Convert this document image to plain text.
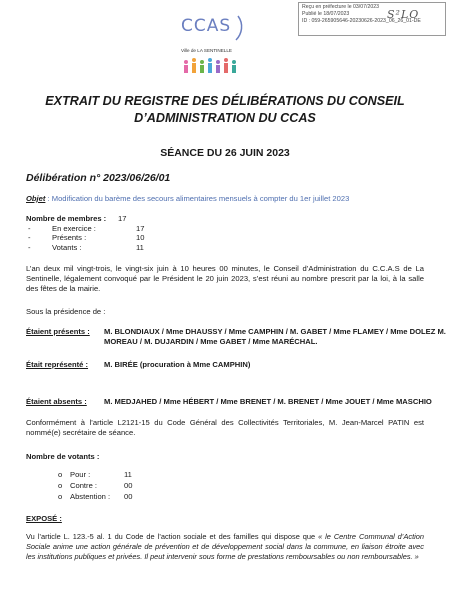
Reçu en préfecture le 03/07/2023
Publié le 18/07/2023
ID : 059-265905646-20230626-2023_06_26_01-DE
S²LO
CCAS
Ville de LA SENTINELLE
EXTRAIT DU REGISTRE DES DÉLIBÉRATIONS DU CONSEIL D’ADMINISTRATION DU CCAS
SÉANCE DU 26 JUIN 2023
Délibération n° 2023/06/26/01
Objet : Modification du barème des secours alimentaires mensuels à compter du 1er juillet 2023
Nombre de membres : 17
-	En exercice :	17
-	Présents :	10
-	Votants :	11
L’an deux mil vingt-trois, le vingt-six juin à 10 heures 00 minutes, le Conseil d’Administration du C.C.A.S de La Sentinelle, légalement convoqué par le Président le 20 juin 2023, s’est réuni au nombre prescrit par la loi, à la salle des fêtes de la mairie.
Sous la présidence de :
Étaient présents : M. BLONDIAUX / Mme DHAUSSY / Mme CAMPHIN / M. GABET / Mme FLAMEY / Mme DOLEZ M. MOREAU / M. DUJARDIN / Mme GABET / Mme MARÉCHAL.
Était représenté : M. BIRÉE (procuration à Mme CAMPHIN)
Étaient absents : M. MEDJAHED / Mme HÉBERT / Mme BRENET / M. BRENET / Mme JOUET / Mme MASCHIO
Conformément à l’article L2121-15 du Code Général des Collectivités Territoriales, M. Jean-Marcel PATIN est nommé(e) secrétaire de séance.
Nombre de votants :
o Pour :	11
o Contre :	00
o Abstention : 00
EXPOSÉ :
Vu l’article L. 123.-5 al. 1 du Code de l’action sociale et des familles qui dispose que « le Centre Communal d’Action Sociale anime une action générale de prévention et de développement social dans la commune, en liaison étroite avec les institutions publiques et privées. Il peut intervenir sous forme de prestations remboursables ou non remboursables. »
